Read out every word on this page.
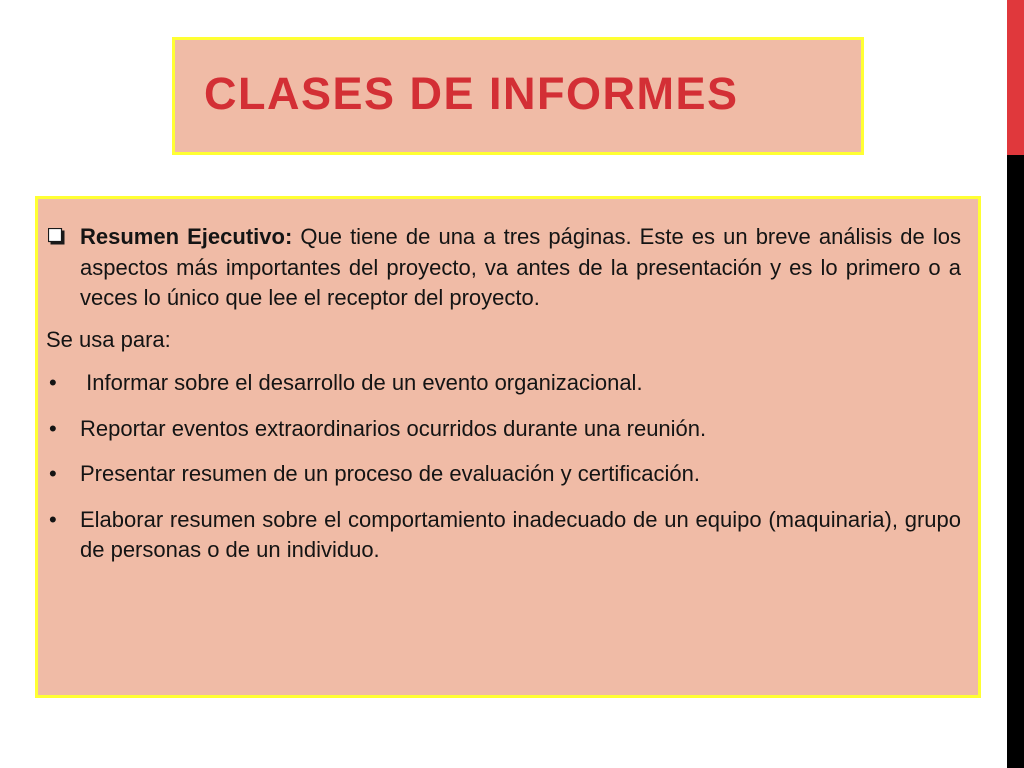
CLASES DE INFORMES
Resumen Ejecutivo: Que tiene de una a tres páginas. Este es un breve análisis de los aspectos más importantes del proyecto, va antes de la presentación y es lo primero o a veces lo único que lee el receptor del proyecto.

Se usa para:

• Informar sobre el desarrollo de un evento organizacional.
• Reportar eventos extraordinarios ocurridos durante una reunión.
• Presentar resumen de un proceso de evaluación y certificación.
• Elaborar resumen sobre el comportamiento inadecuado de un equipo (maquinaria), grupo de personas o de un individuo.
